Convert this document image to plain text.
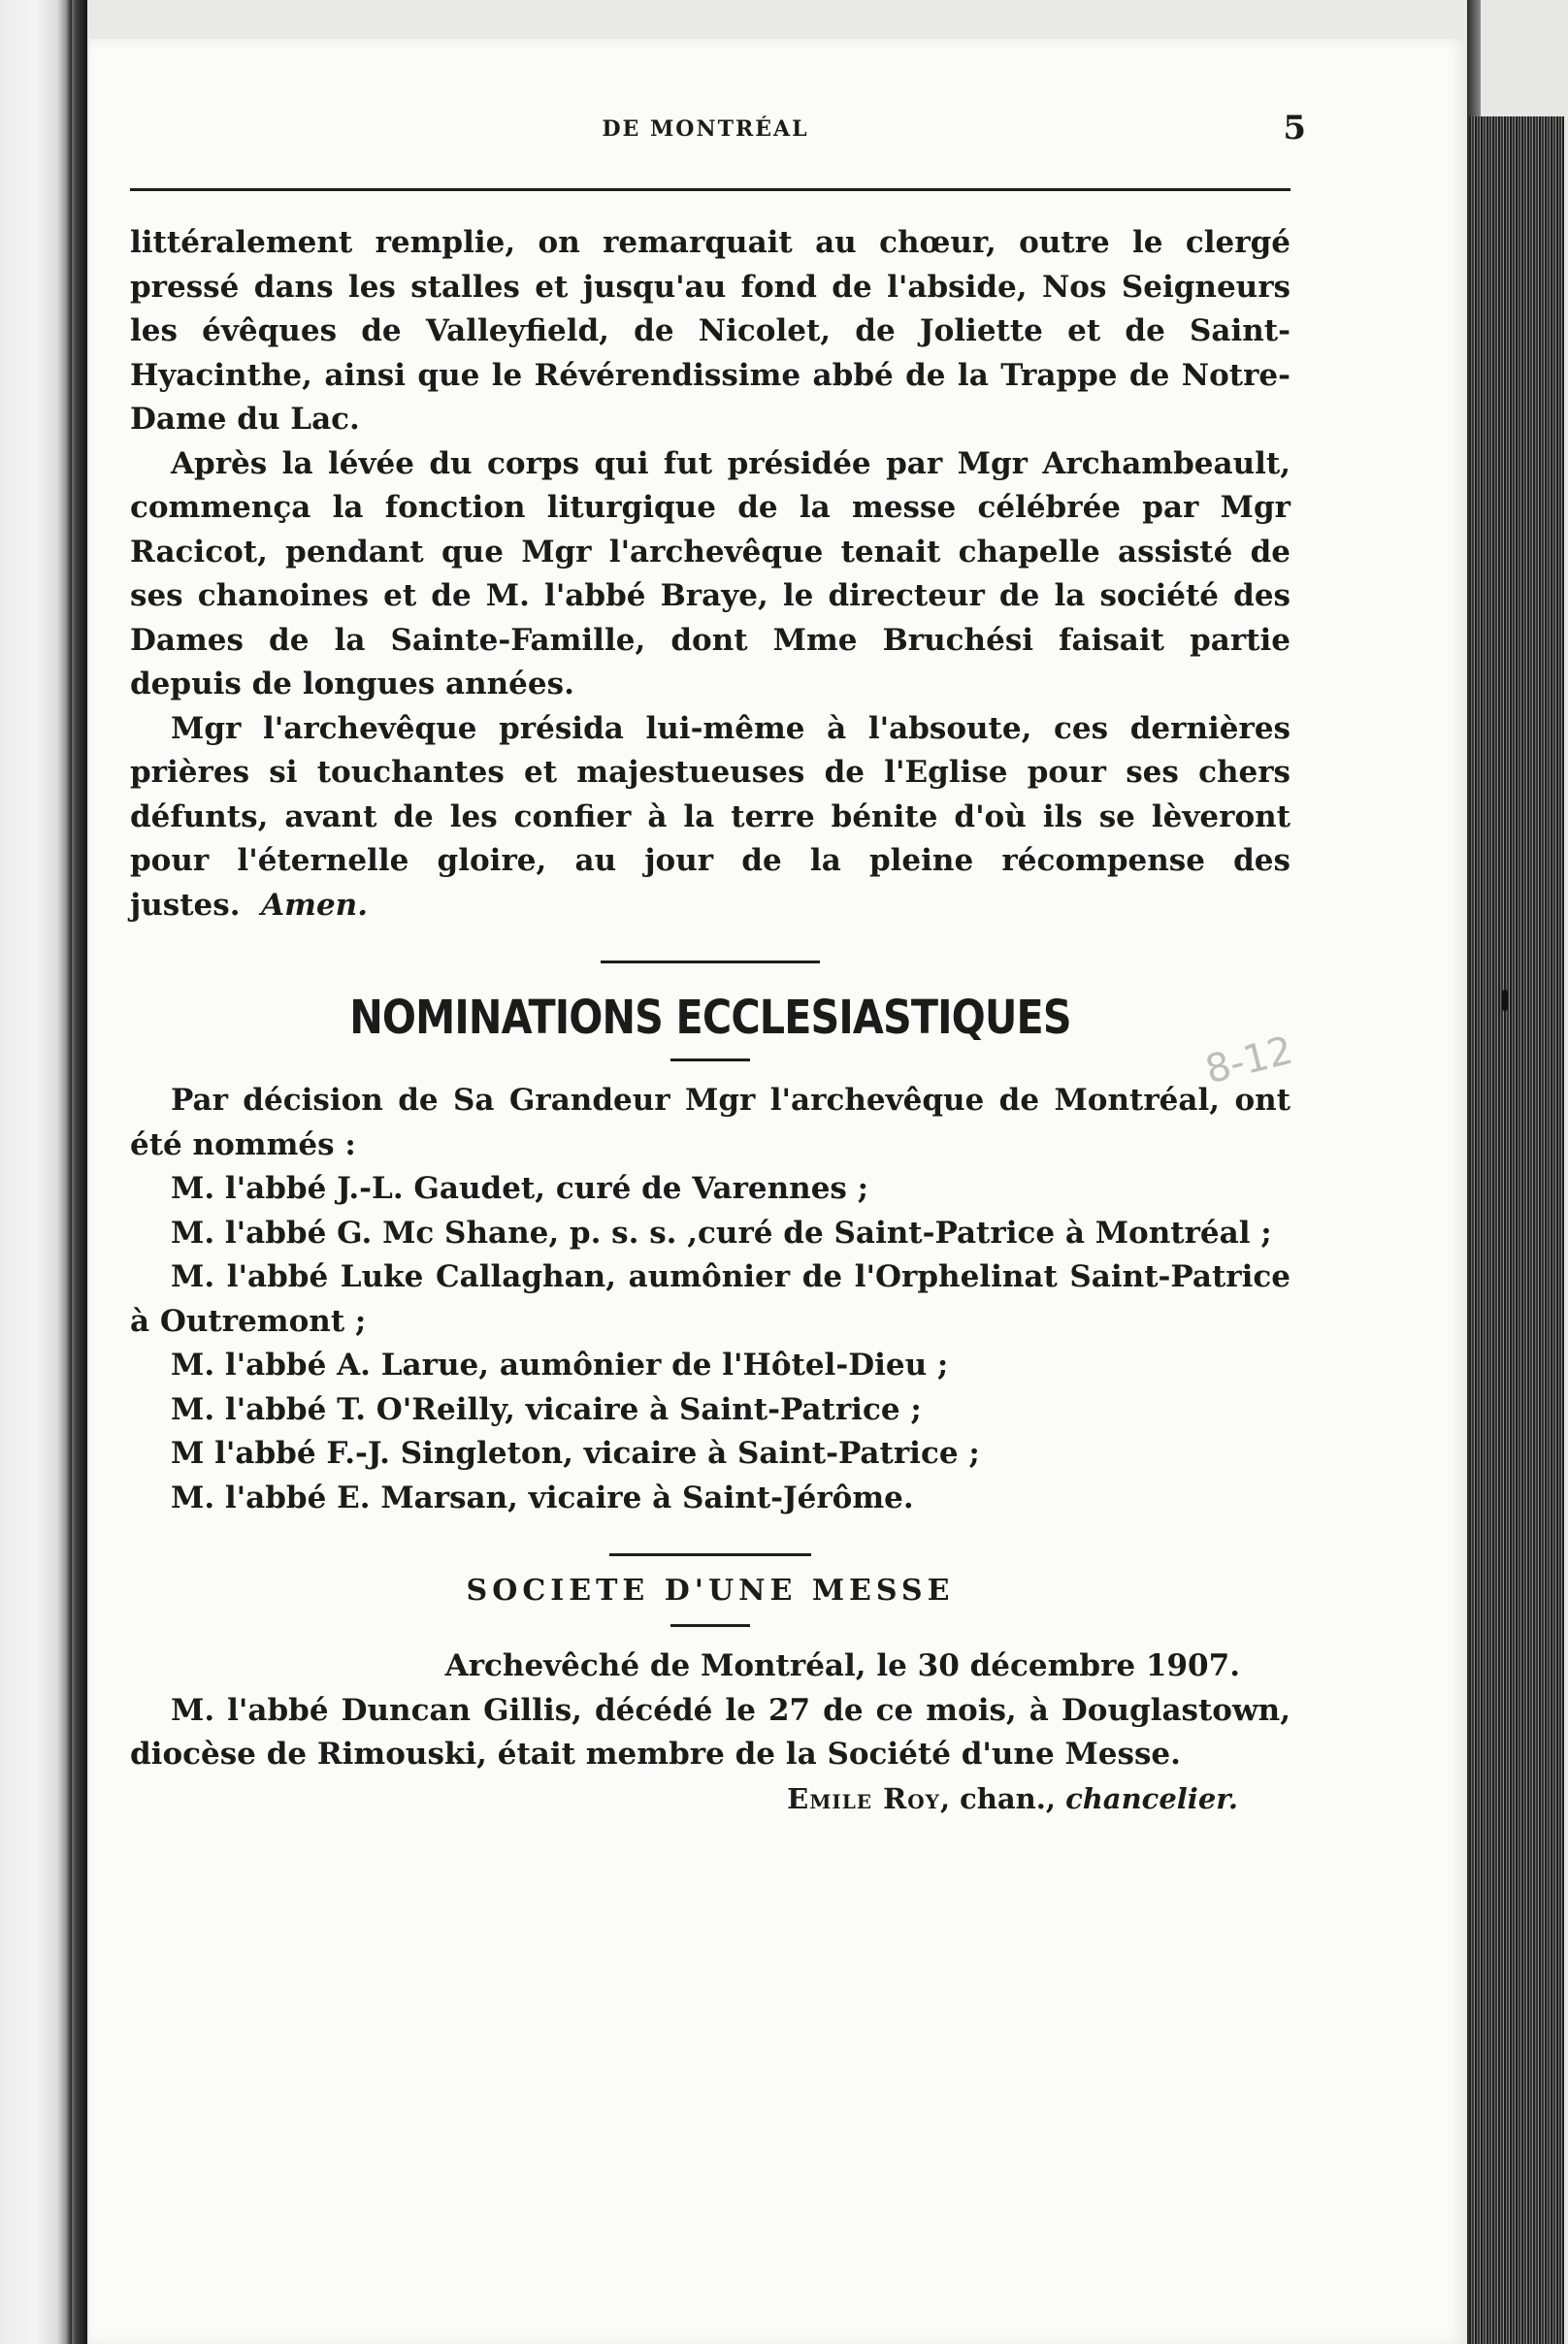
DE MONTRÉAL	5
8-12

littéralement remplie, on remarquait au chœur, outre le clergé pressé dans les stalles et jusqu'au fond de l'abside, Nos Seigneurs les évêques de Valleyfield, de Nicolet, de Joliette et de Saint-Hyacinthe, ainsi que le Révérendissime abbé de la Trappe de Notre-Dame du Lac.

Après la lévée du corps qui fut présidée par Mgr Archambeault, commença la fonction liturgique de la messe célébrée par Mgr Racicot, pendant que Mgr l'archevêque tenait chapelle assisté de ses chanoines et de M. l'abbé Braye, le directeur de la société des Dames de la Sainte-Famille, dont Mme Bruchési faisait partie depuis de longues années.

Mgr l'archevêque présida lui-même à l'absoute, ces dernières prières si touchantes et majestueuses de l'Eglise pour ses chers défunts, avant de les confier à la terre bénite d'où ils se lèveront pour l'éternelle gloire, au jour de la pleine récompense des justes. Amen.

NOMINATIONS ECCLESIASTIQUES

Par décision de Sa Grandeur Mgr l'archevêque de Montréal, ont été nommés :

M. l'abbé J.-L. Gaudet, curé de Varennes ;

M. l'abbé G. Mc Shane, p. s. s. ,curé de Saint-Patrice à Montréal ;

M. l'abbé Luke Callaghan, aumônier de l'Orphelinat Saint-Patrice à Outremont ;

M. l'abbé A. Larue, aumônier de l'Hôtel-Dieu ;

M. l'abbé T. O'Reilly, vicaire à Saint-Patrice ;

M l'abbé F.-J. Singleton, vicaire à Saint-Patrice ;

M. l'abbé E. Marsan, vicaire à Saint-Jérôme.

SOCIETE D'UNE MESSE

Archevêché de Montréal, le 30 décembre 1907.

M. l'abbé Duncan Gillis, décédé le 27 de ce mois, à Douglastown, diocèse de Rimouski, était membre de la Société d'une Messe.

Emile Roy, chan., chancelier.
